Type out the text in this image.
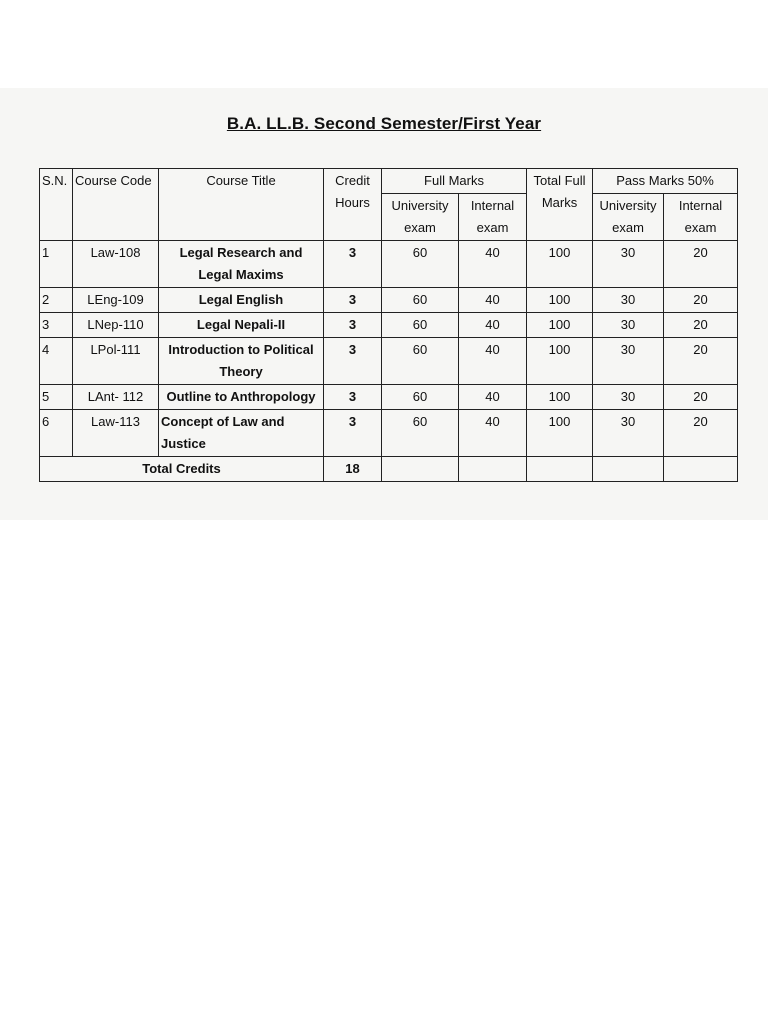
B.A. LL.B. Second Semester/First Year
S.N.	Course Code	Course Title	Credit Hours	Full Marks		Total Full Marks	Pass Marks 50%	
				University exam	Internal exam		University exam	Internal exam
1	Law-108	Legal Research and Legal Maxims	3	60	40	100	30	20
2	LEng-109	Legal English	3	60	40	100	30	20
3	LNep-110	Legal Nepali-II	3	60	40	100	30	20
4	LPol-111	Introduction to Political Theory	3	60	40	100	30	20
5	LAnt- 112	Outline to Anthropology	3	60	40	100	30	20
6	Law-113	Concept of Law and Justice	3	60	40	100	30	20
Total Credits			18					
